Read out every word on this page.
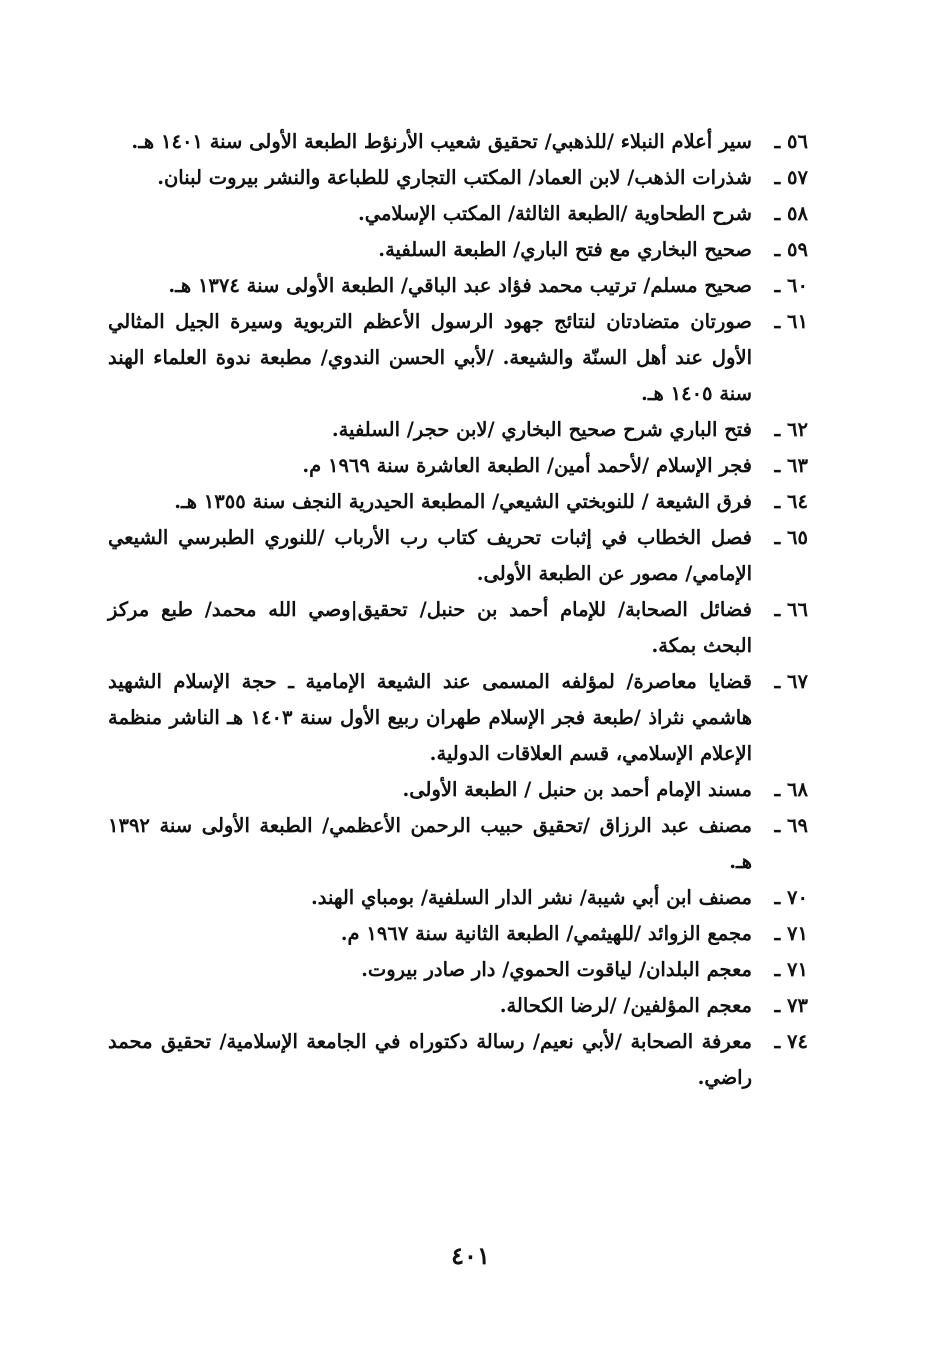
٥٦ ـ
سير أعلام النبلاء /للذهبي/ تحقيق شعيب الأرنؤط الطبعة الأولى سنة ١٤٠١ هـ.
٥٧ ـ
شذرات الذهب/ لابن العماد/ المكتب التجاري للطباعة والنشر بيروت لبنان.
٥٨ ـ
شرح الطحاوية /الطبعة الثالثة/ المكتب الإسلامي.
٥٩ ـ
صحيح البخاري مع فتح الباري/ الطبعة السلفية.
٦٠ ـ
صحيح مسلم/ ترتيب محمد فؤاد عبد الباقي/ الطبعة الأولى سنة ١٣٧٤ هـ.
٦١ ـ
صورتان متضادتان لنتائج جهود الرسول الأعظم التربوية وسيرة الجيل المثالي الأول عند أهل السنّة والشيعة. /لأبي الحسن الندوي/ مطبعة ندوة العلماء الهند سنة ١٤٠٥ هـ.
٦٢ ـ
فتح الباري شرح صحيح البخاري /لابن حجر/ السلفية.
٦٣ ـ
فجر الإسلام /لأحمد أمين/ الطبعة العاشرة سنة ١٩٦٩ م.
٦٤ ـ
فرق الشيعة / للنوبختي الشيعي/ المطبعة الحيدرية النجف سنة ١٣٥٥ هـ.
٦٥ ـ
فصل الخطاب في إثبات تحريف كتاب رب الأرباب /للنوري الطبرسي الشيعي الإمامي/ مصور عن الطبعة الأولى.
٦٦ ـ
فضائل الصحابة/ للإمام أحمد بن حنبل/ تحقيق|وصي الله محمد/ طبع مركز البحث بمكة.
٦٧ ـ
قضايا معاصرة/ لمؤلفه المسمى عند الشيعة الإمامية ـ حجة الإسلام الشهيد هاشمي نثراذ /طبعة فجر الإسلام طهران ربيع الأول سنة ١٤٠٣ هـ الناشر منظمة الإعلام الإسلامي، قسم العلاقات الدولية.
٦٨ ـ
مسند الإمام أحمد بن حنبل / الطبعة الأولى.
٦٩ ـ
مصنف عبد الرزاق /تحقيق حبيب الرحمن الأعظمي/ الطبعة الأولى سنة ١٣٩٢ هـ.
٧٠ ـ
مصنف ابن أبي شيبة/ نشر الدار السلفية/ بومباي الهند.
٧١ ـ
مجمع الزوائد /للهيثمي/ الطبعة الثانية سنة ١٩٦٧ م.
٧١ ـ
معجم البلدان/ لياقوت الحموي/ دار صادر بيروت.
٧٣ ـ
معجم المؤلفين/ /لرضا الكحالة.
٧٤ ـ
معرفة الصحابة /لأبي نعيم/ رسالة دكتوراه في الجامعة الإسلامية/ تحقيق محمد راضي.
٤٠١
